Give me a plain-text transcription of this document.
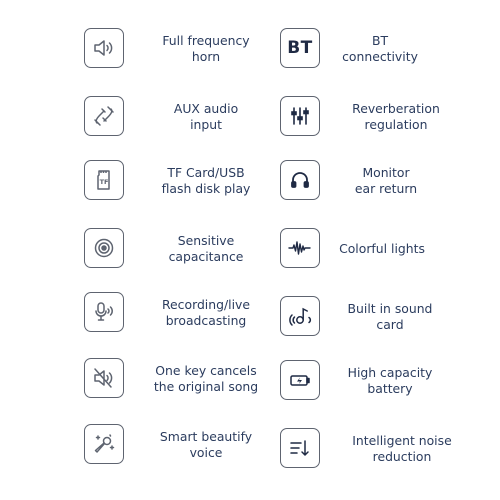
Full frequency
horn
AUX audio
input
TF
TF Card/USB
flash disk play
Sensitive
capacitance
Recording/live
broadcasting
One key cancels
the original song
Smart beautify
voice
BT	BT
connectivity
Reverberation
regulation
Monitor
ear return
Colorful lights
Built in sound
card
High capacity
battery
Intelligent noise
reduction
